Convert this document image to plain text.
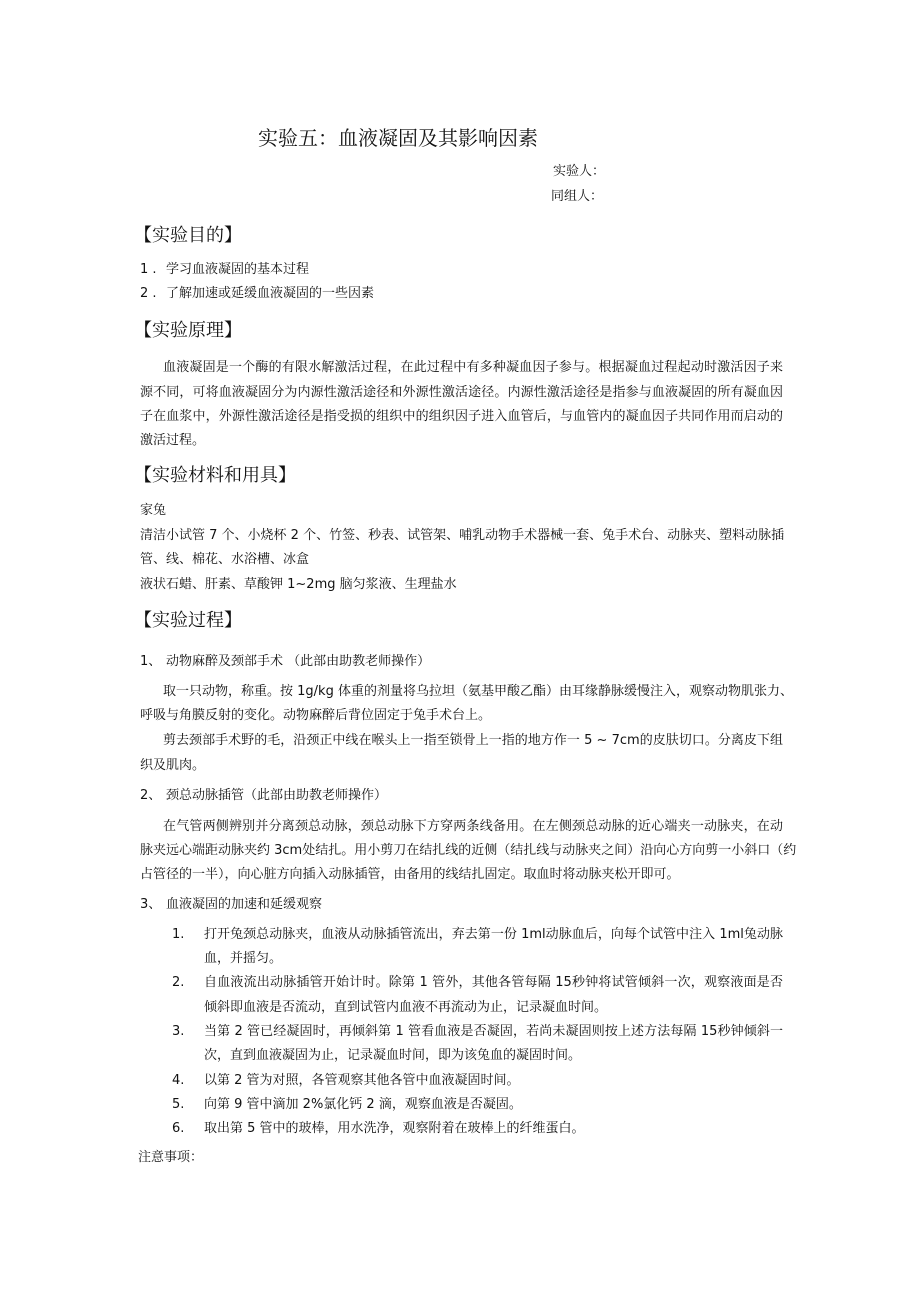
实验五：血液凝固及其影响因素
实验人：
同组人：
【实验目的】
1 . 学习血液凝固的基本过程
2 . 了解加速或延缓血液凝固的一些因素
【实验原理】
血液凝固是一个酶的有限水解激活过程，在此过程中有多种凝血因子参与。根据凝血过程起动时激活因子来
源不同，可将血液凝固分为内源性激活途径和外源性激活途径。内源性激活途径是指参与血液凝固的所有凝血因
子在血浆中，外源性激活途径是指受损的组织中的组织因子进入血管后，与血管内的凝血因子共同作用而启动的
激活过程。
【实验材料和用具】
家兔
清洁小试管 7 个、小烧杯 2 个、竹签、秒表、试管架、哺乳动物手术器械一套、兔手术台、动脉夹、塑料动脉插
管、线、棉花、水浴槽、冰盒
液状石蜡、肝素、草酸钾 1~2mg 脑匀浆液、生理盐水
【实验过程】
1、 动物麻醉及颈部手术 （此部由助教老师操作）
取一只动物，称重。按 1g/kg 体重的剂量将乌拉坦（氨基甲酸乙酯）由耳缘静脉缓慢注入，观察动物肌张力、
呼吸与角膜反射的变化。动物麻醉后背位固定于兔手术台上。
剪去颈部手术野的毛，沿颈正中线在喉头上一指至锁骨上一指的地方作一 5 ~ 7cm的皮肤切口。分离皮下组
织及肌肉。
2、 颈总动脉插管（此部由助教老师操作）
在气管两侧辨别并分离颈总动脉，颈总动脉下方穿两条线备用。在左侧颈总动脉的近心端夹一动脉夹，在动
脉夹远心端距动脉夹约 3cm处结扎。用小剪刀在结扎线的近侧（结扎线与动脉夹之间）沿向心方向剪一小斜口（约
占管径的一半），向心脏方向插入动脉插管，由备用的线结扎固定。取血时将动脉夹松开即可。
3、 血液凝固的加速和延缓观察
1. 打开兔颈总动脉夹，血液从动脉插管流出，弃去第一份 1ml动脉血后，向每个试管中注入 1ml兔动脉
血，并摇匀。
2. 自血液流出动脉插管开始计时。除第 1 管外，其他各管每隔 15秒钟将试管倾斜一次，观察液面是否
倾斜即血液是否流动，直到试管内血液不再流动为止，记录凝血时间。
3. 当第 2 管已经凝固时，再倾斜第 1 管看血液是否凝固，若尚未凝固则按上述方法每隔 15秒钟倾斜一
次，直到血液凝固为止，记录凝血时间，即为该兔血的凝固时间。
4. 以第 2 管为对照，各管观察其他各管中血液凝固时间。
5. 向第 9 管中滴加 2%氯化钙 2 滴，观察血液是否凝固。
6. 取出第 5 管中的玻棒，用水洗净，观察附着在玻棒上的纤维蛋白。
注意事项：
